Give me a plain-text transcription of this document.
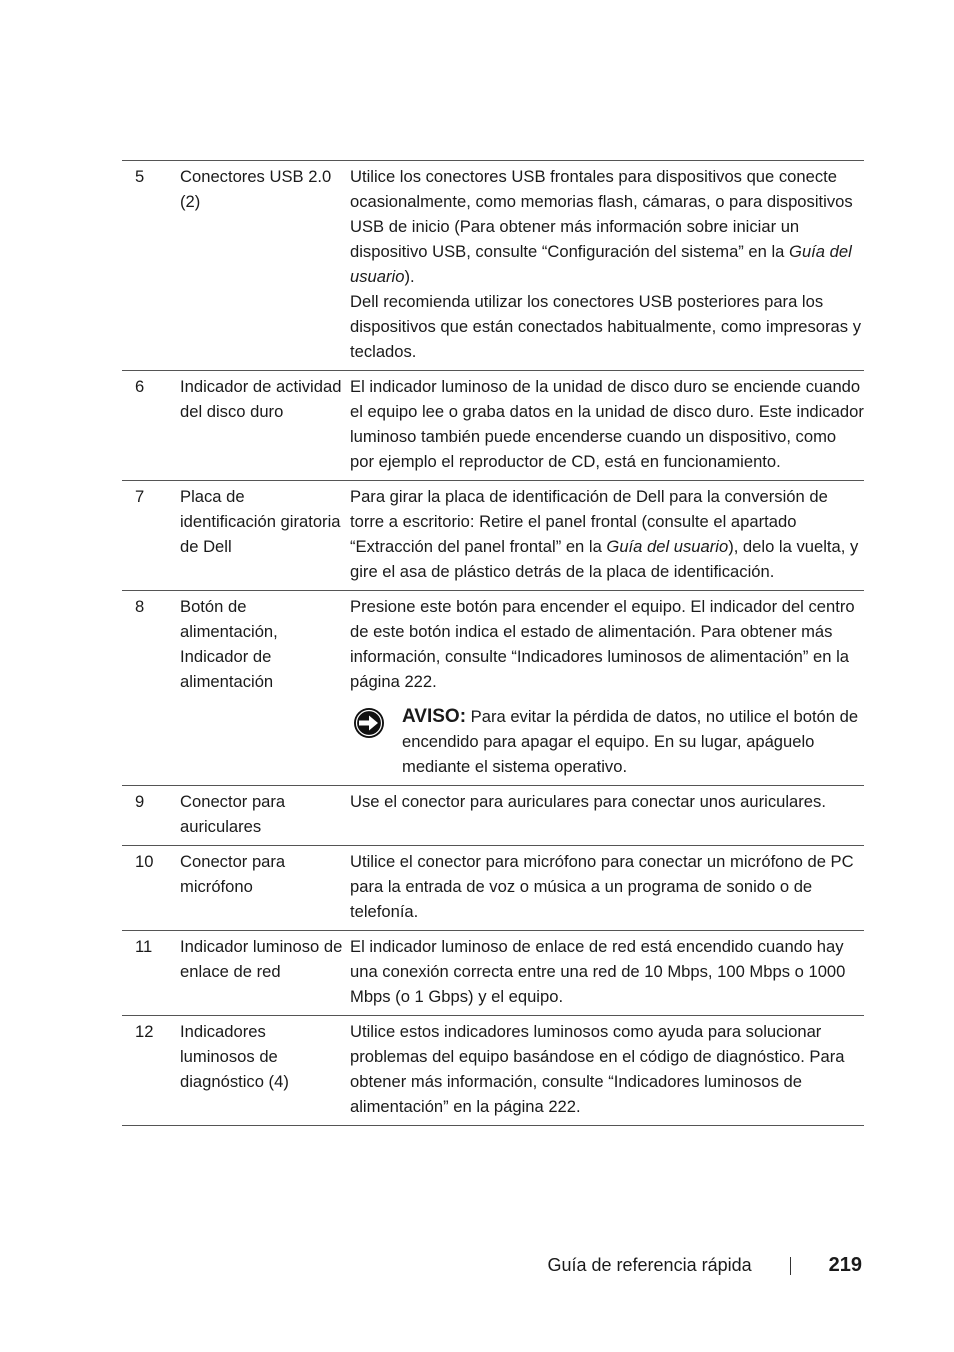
5	Conectores USB 2.0 (2)	Utilice los conectores USB frontales para dispositivos que conecte ocasionalmente, como memorias flash, cámaras, o para dispositivos USB de inicio (Para obtener más información sobre iniciar un dispositivo USB, consulte “Configuración del sistema” en la Guía del usuario).
Dell recomienda utilizar los conectores USB posteriores para los dispositivos que están conectados habitualmente, como impresoras y teclados.

6	Indicador de actividad del disco duro	El indicador luminoso de la unidad de disco duro se enciende cuando el equipo lee o graba datos en la unidad de disco duro. Este indicador luminoso también puede encenderse cuando un dispositivo, como por ejemplo el reproductor de CD, está en funcionamiento.
7	Placa de identificación giratoria de Dell	Para girar la placa de identificación de Dell para la conversión de torre a escritorio: Retire el panel frontal (consulte el apartado “Extracción del panel frontal” en la Guía del usuario), delo la vuelta, y gire el asa de plástico detrás de la placa de identificación.
8	Botón de alimentación, Indicador de alimentación	Presione este botón para encender el equipo. El indicador del centro de este botón indica el estado de alimentación. Para obtener más información, consulte “Indicadores luminosos de alimentación” en la página 222.
AVISO: Para evitar la pérdida de datos, no utilice el botón de encendido para apagar el equipo. En su lugar, apáguelo mediante el sistema operativo.

9	Conector para auriculares	Use el conector para auriculares para conectar unos auriculares.
10	Conector para micrófono	Utilice el conector para micrófono para conectar un micrófono de PC para la entrada de voz o música a un programa de sonido o de telefonía.
11	Indicador luminoso de enlace de red	El indicador luminoso de enlace de red está encendido cuando hay una conexión correcta entre una red de 10 Mbps, 100 Mbps o 1000 Mbps (o 1 Gbps) y el equipo.
12	Indicadores luminosos de diagnóstico (4)	Utilice estos indicadores luminosos como ayuda para solucionar problemas del equipo basándose en el código de diagnóstico. Para obtener más información, consulte “Indicadores luminosos de alimentación” en la página 222.
Guía de referencia rápida	219
